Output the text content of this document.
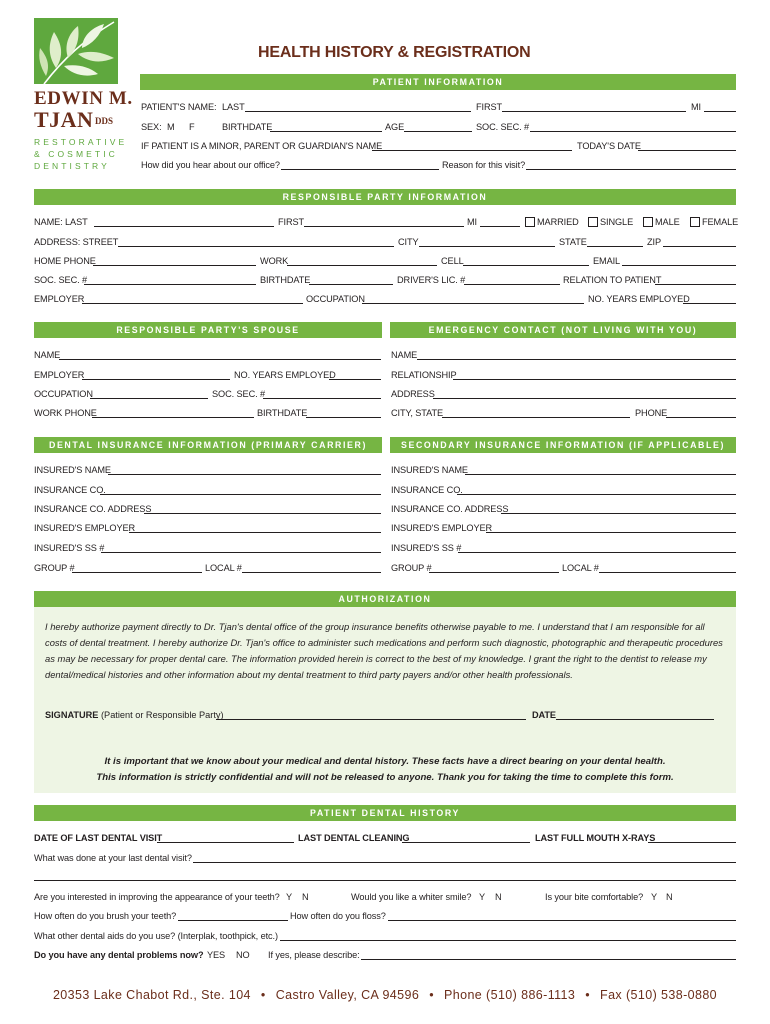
EDWIN M.
TJAN DDS
RESTORATIVE
& COSMETIC
DENTISTRY
HEALTH HISTORY & REGISTRATION
PATIENT INFORMATION
PATIENT'S NAME: LAST	FIRST	MI
SEX: M F	BIRTHDATE	AGE	SOC. SEC. #
IF PATIENT IS A MINOR, PARENT OR GUARDIAN'S NAME	TODAY'S DATE
How did you hear about our office?	Reason for this visit?
RESPONSIBLE PARTY INFORMATION
NAME: LAST	FIRST	MI	MARRIED SINGLE MALE FEMALE
ADDRESS: STREET	CITY	STATE	ZIP
HOME PHONE	WORK	CELL	EMAIL
SOC. SEC. #	BIRTHDATE	DRIVER'S LIC. #	RELATION TO PATIENT
EMPLOYER	OCCUPATION	NO. YEARS EMPLOYED
RESPONSIBLE PARTY'S SPOUSE	EMERGENCY CONTACT (NOT LIVING WITH YOU)
NAME	NAME
EMPLOYER	NO. YEARS EMPLOYED	RELATIONSHIP
OCCUPATION	SOC. SEC. #	ADDRESS
WORK PHONE	BIRTHDATE	CITY, STATE	PHONE
DENTAL INSURANCE INFORMATION (PRIMARY CARRIER)	SECONDARY INSURANCE INFORMATION (IF APPLICABLE)
INSURED'S NAME	INSURED'S NAME
INSURANCE CO.	INSURANCE CO.
INSURANCE CO. ADDRESS	INSURANCE CO. ADDRESS
INSURED'S EMPLOYER	INSURED'S EMPLOYER
INSURED'S SS #	INSURED'S SS #
GROUP #	LOCAL #	GROUP #	LOCAL #
AUTHORIZATION
I hereby authorize payment directly to Dr. Tjan's dental office of the group insurance benefits otherwise payable to me. I understand that I am responsible for all costs of dental treatment. I hereby authorize Dr. Tjan's office to administer such medications and perform such diagnostic, photographic and therapeutic procedures as may be necessary for proper dental care. The information provided herein is correct to the best of my knowledge. I grant the right to the dentist to release my dental/medical histories and other information about my dental treatment to third party payers and/or other health professionals.
SIGNATURE (Patient or Responsible Party)	DATE
It is important that we know about your medical and dental history. These facts have a direct bearing on your dental health.
This information is strictly confidential and will not be released to anyone. Thank you for taking the time to complete this form.
PATIENT DENTAL HISTORY
DATE OF LAST DENTAL VISIT	LAST DENTAL CLEANING	LAST FULL MOUTH X-RAYS
What was done at your last dental visit?
Are you interested in improving the appearance of your teeth? Y N	Would you like a whiter smile? Y N	Is your bite comfortable? Y N
How often do you brush your teeth?	How often do you floss?
What other dental aids do you use? (Interplak, toothpick, etc.)
Do you have any dental problems now? YES NO If yes, please describe:
20353 Lake Chabot Rd., Ste. 104 • Castro Valley, CA 94596 • Phone (510) 886-1113 • Fax (510) 538-0880
